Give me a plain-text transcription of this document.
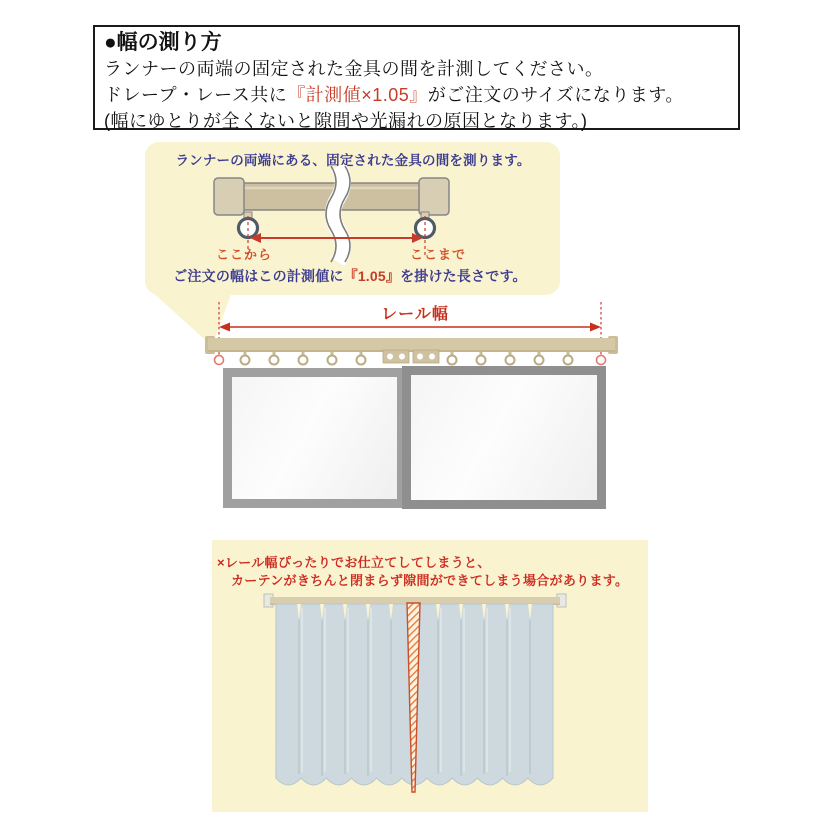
●幅の測り方
ランナーの両端の固定された金具の間を計測してください。
ドレープ・レース共に『計測値×1.05』がご注文のサイズになります。
(幅にゆとりが全くないと隙間や光漏れの原因となります。)
ランナーの両端にある、固定された金具の間を測ります。
ここから	ここまで
ご注文の幅はこの計測値に『1.05』を掛けた長さです。
レール幅
×レール幅ぴったりでお仕立てしてしまうと、
カーテンがきちんと閉まらず隙間ができてしまう場合があります。
